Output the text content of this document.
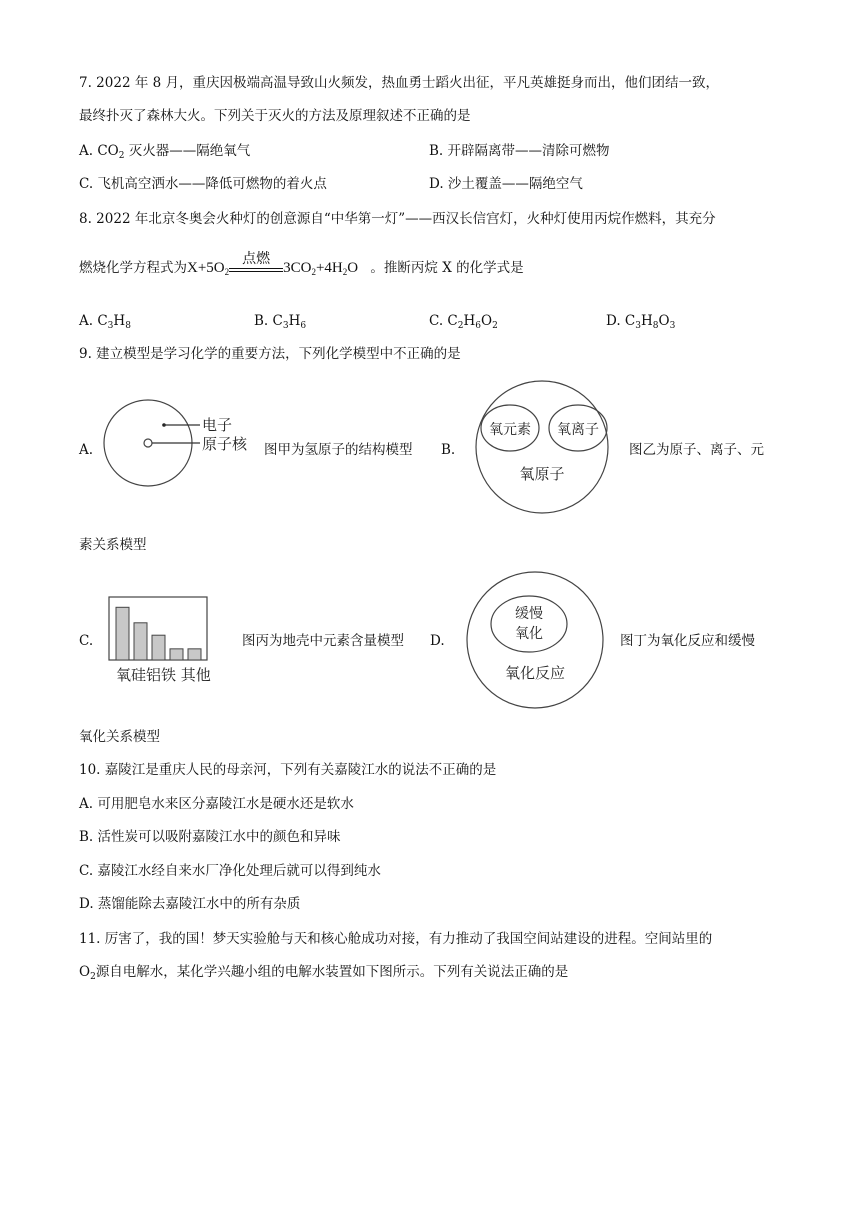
7. 2022 年 8 月，重庆因极端高温导致山火频发，热血勇士蹈火出征，平凡英雄挺身而出，他们团结一致，
最终扑灭了森林大火。下列关于灭火的方法及原理叙述不正确的是
A. $CO_2$ 灭火器——隔绝氧气	B. 开辟隔离带——清除可燃物
C. 飞机高空洒水——降低可燃物的着火点	D. 沙土覆盖——隔绝空气
8. 2022 年北京冬奥会火种灯的创意源自“中华第一灯”——西汉长信宫灯，火种灯使用丙烷作燃料，其充分
燃烧化学方程式为$X+5O_2$
点燃
$3CO_2+4H_2O$ 。推断丙烷 X 的化学式是
A. $C_3H_8$	B. $C_3H_6$	C. $C_2H_6O_2$	D. $C_3H_8O_3$
9. 建立模型是学习化学的重要方法，下列化学模型中不正确的是
A.
电子
原子核 图甲为氢原子的结构模型 B.
氧元素 氧离子
氧原子
图乙为原子、离子、元
素关系模型
C.
氧硅铝铁 其他
图丙为地壳中元素含量模型 D.
缓慢
氧化
氧化反应
图丁为氧化反应和缓慢
氧化关系模型
10. 嘉陵江是重庆人民的母亲河，下列有关嘉陵江水的说法不正确的是
A. 可用肥皂水来区分嘉陵江水是硬水还是软水
B. 活性炭可以吸附嘉陵江水中的颜色和异味
C. 嘉陵江水经自来水厂净化处理后就可以得到纯水
D. 蒸馏能除去嘉陵江水中的所有杂质
11. 厉害了，我的国！梦天实验舱与天和核心舱成功对接，有力推动了我国空间站建设的进程。空间站里的
$O_2$源自电解水，某化学兴趣小组的电解水装置如下图所示。下列有关说法正确的是
